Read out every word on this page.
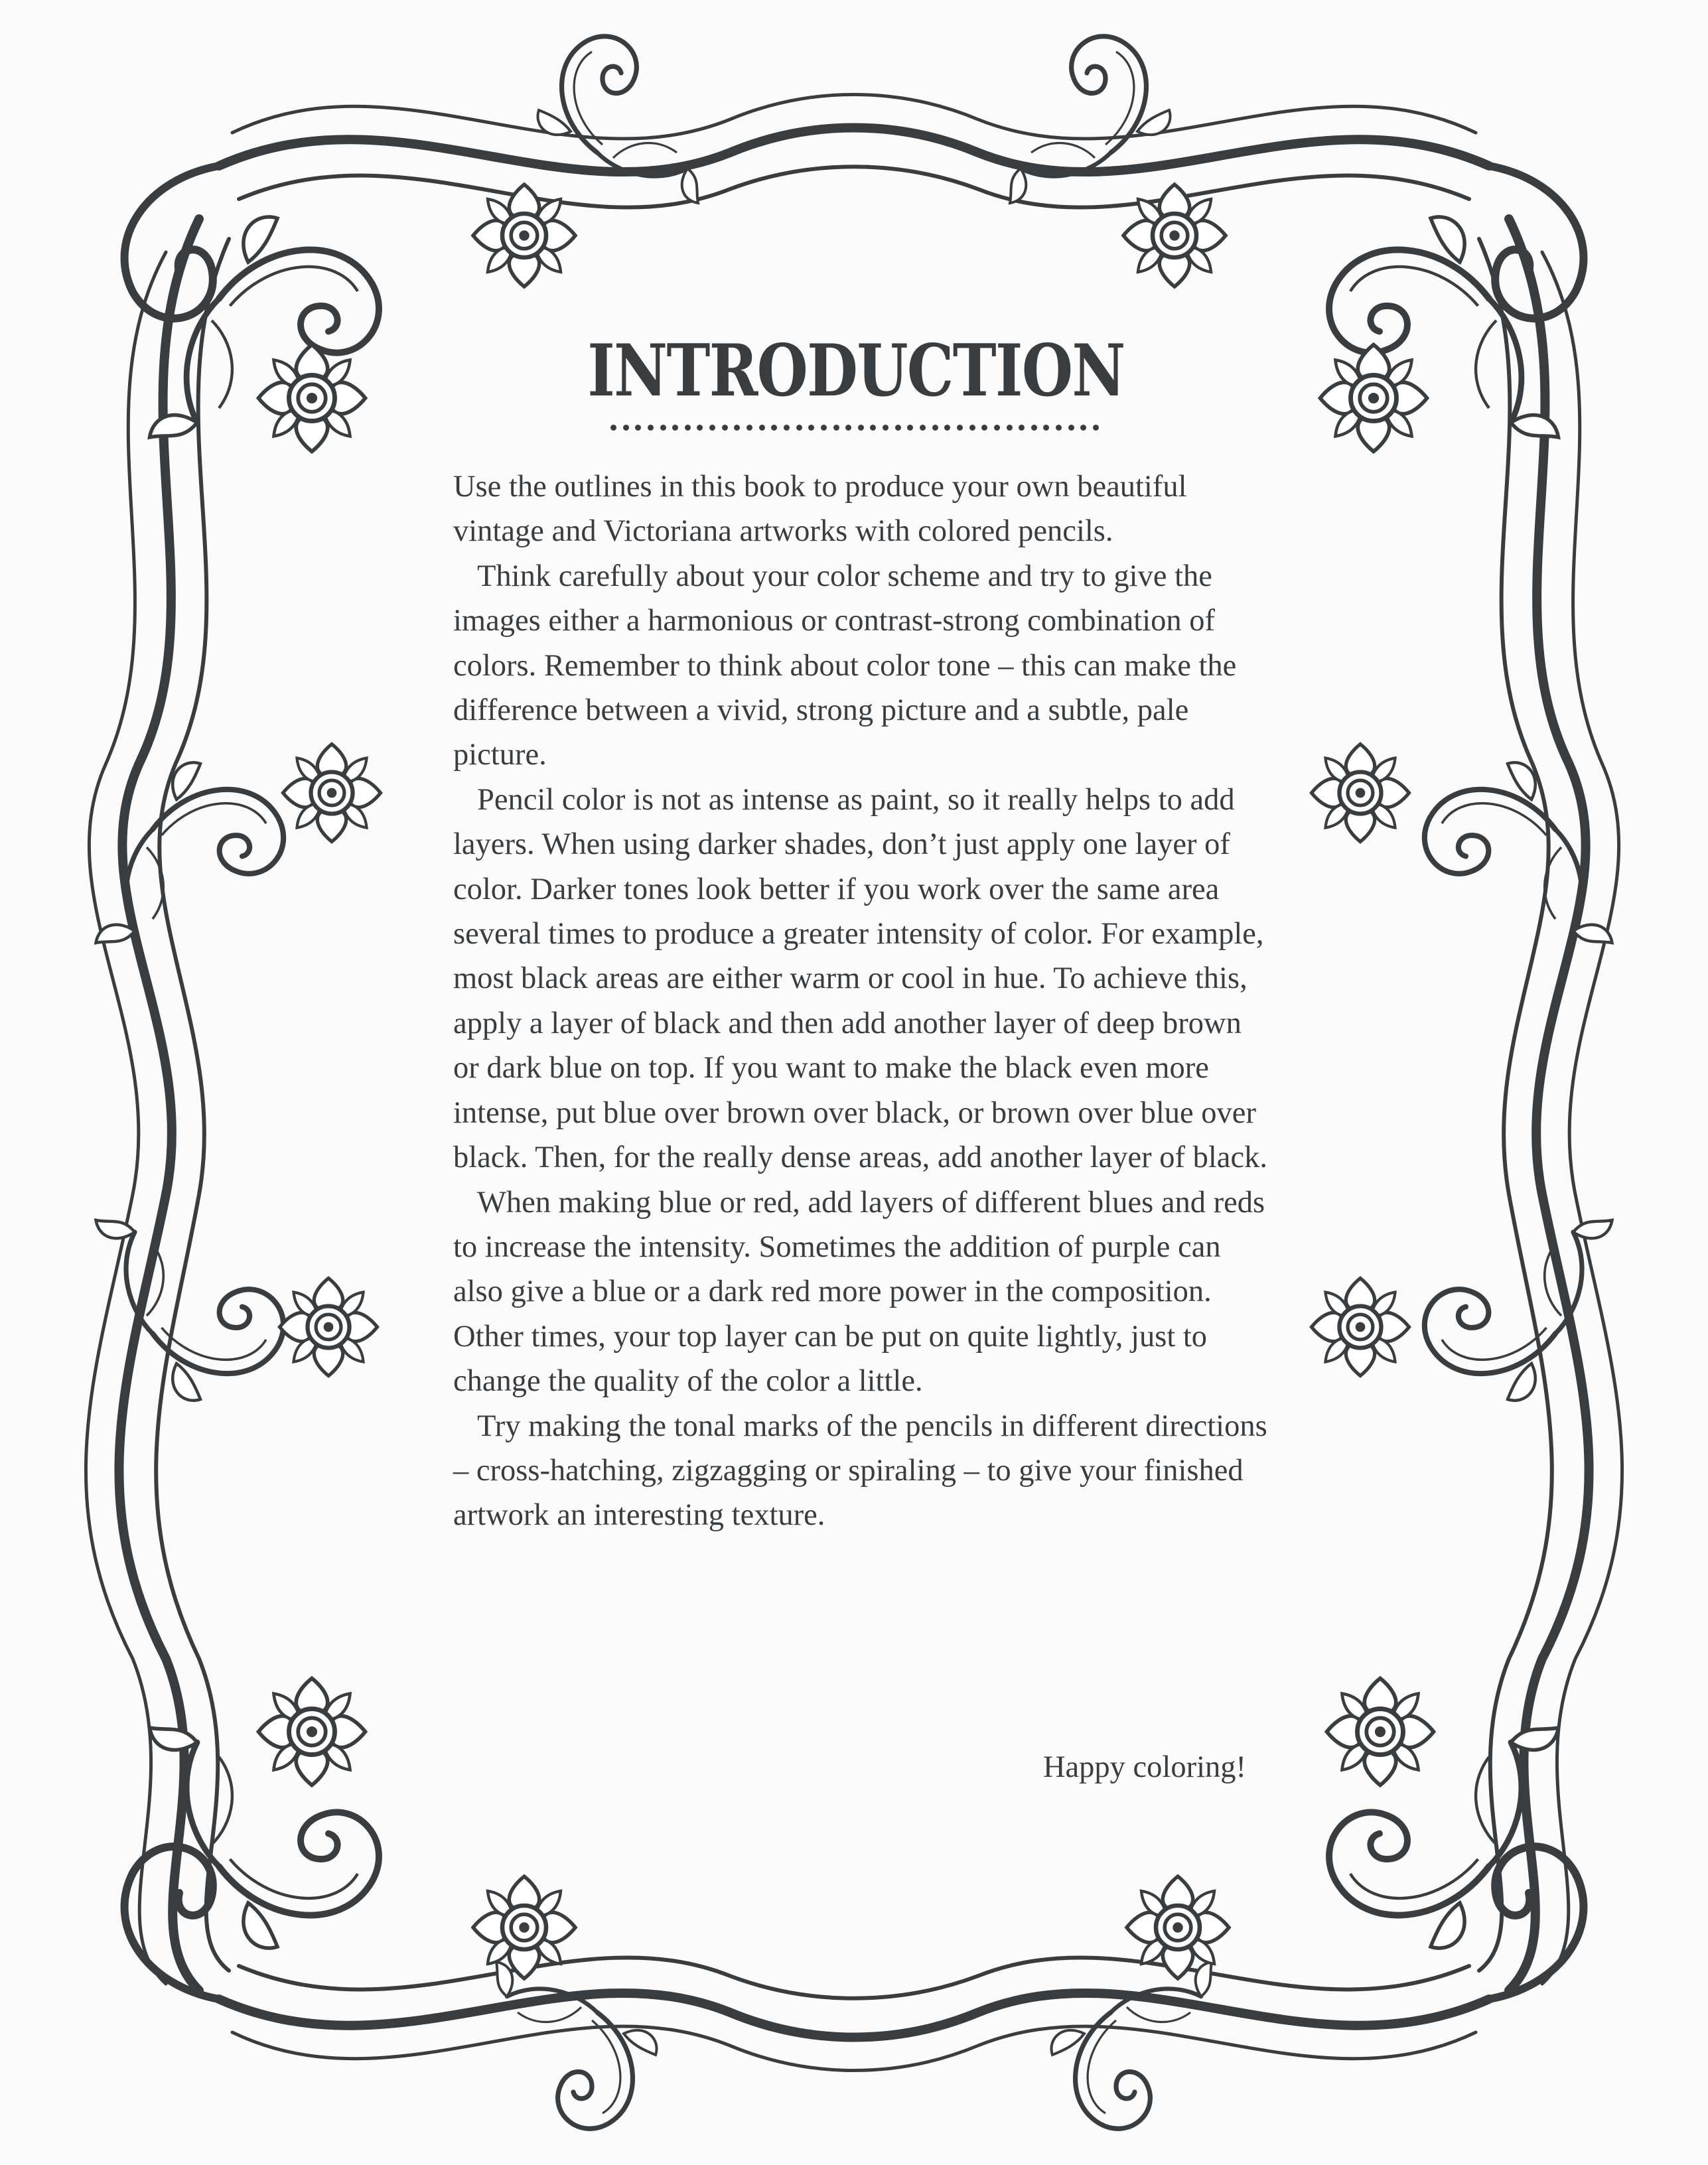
INTRODUCTION

Use the outlines in this book to produce your own beautiful vintage and Victoriana artworks with colored pencils.

Think carefully about your color scheme and try to give the images either a harmonious or contrast-strong combination of colors. Remember to think about color tone – this can make the difference between a vivid, strong picture and a subtle, pale picture.

Pencil color is not as intense as paint, so it really helps to add layers. When using darker shades, don’t just apply one layer of color. Darker tones look better if you work over the same area several times to produce a greater intensity of color. For example, most black areas are either warm or cool in hue. To achieve this, apply a layer of black and then add another layer of deep brown or dark blue on top. If you want to make the black even more intense, put blue over brown over black, or brown over blue over black. Then, for the really dense areas, add another layer of black.

When making blue or red, add layers of different blues and reds to increase the intensity. Sometimes the addition of purple can also give a blue or a dark red more power in the composition. Other times, your top layer can be put on quite lightly, just to change the quality of the color a little.

Try making the tonal marks of the pencils in different directions – cross-hatching, zigzagging or spiraling – to give your finished artwork an interesting texture.

Happy coloring!
